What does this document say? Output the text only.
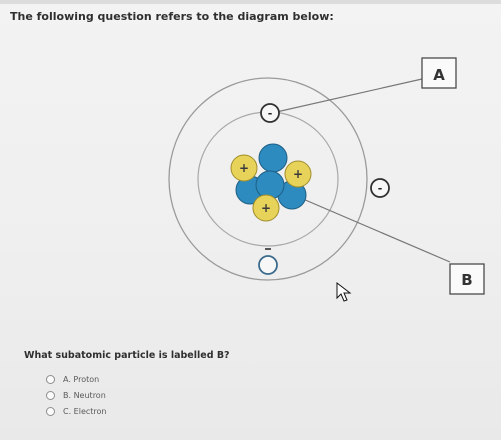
The following question refers to the diagram below:
+	+
+
-
-
A
B
What subatomic particle is labelled B?
A. Proton
B. Neutron
C. Electron
